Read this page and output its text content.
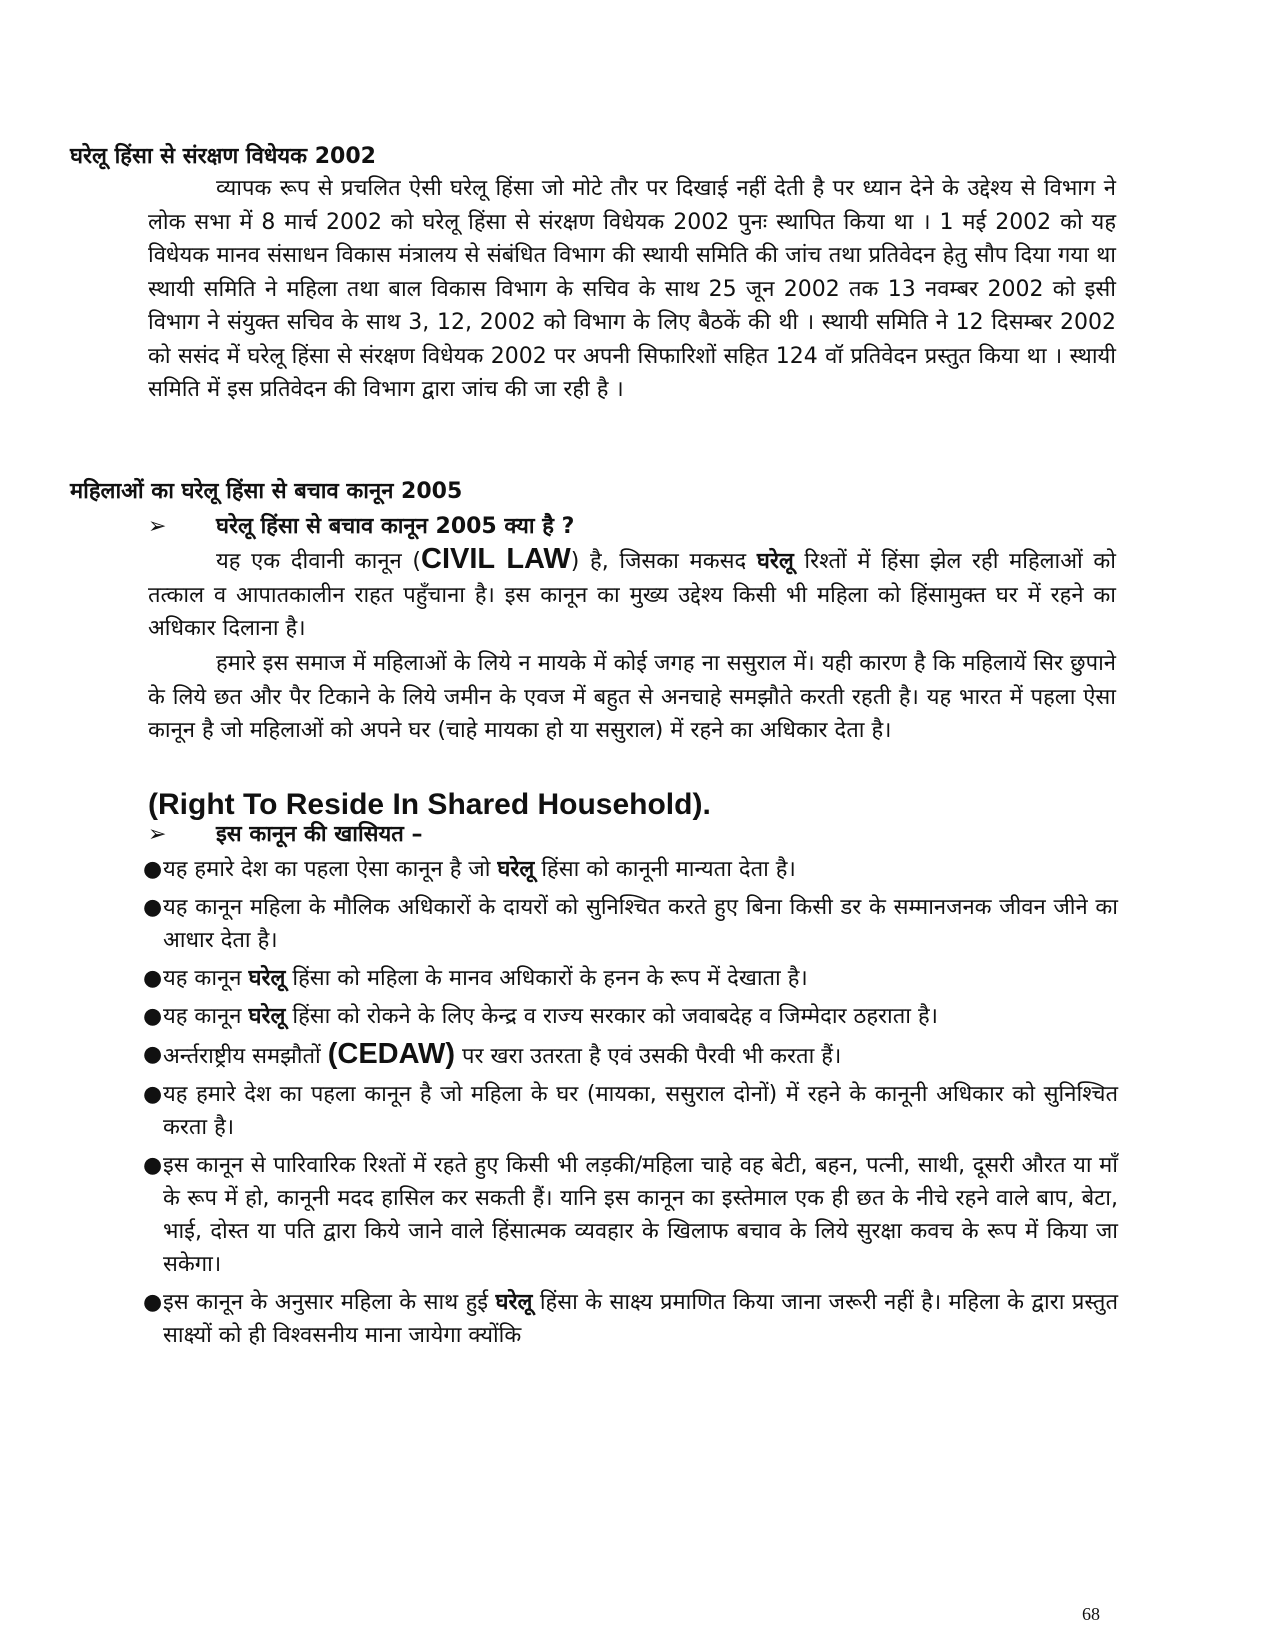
घरेलू हिंसा से संरक्षण विधेयक 2002

व्यापक रूप से प्रचलित ऐसी घरेलू हिंसा जो मोटे तौर पर दिखाई नहीं देती है पर ध्यान देने के उद्देश्य से विभाग ने लोक सभा में 8 मार्च 2002 को घरेलू हिंसा से संरक्षण विधेयक 2002 पुनः स्थापित किया था । 1 मई 2002 को यह विधेयक मानव संसाधन विकास मंत्रालय से संबंधित विभाग की स्थायी समिति की जांच तथा प्रतिवेदन हेतु सौप दिया गया था स्थायी समिति ने महिला तथा बाल विकास विभाग के सचिव के साथ 25 जून 2002 तक 13 नवम्बर 2002 को इसी विभाग ने संयुक्त सचिव के साथ 3, 12, 2002 को विभाग के लिए बैठकें की थी । स्थायी समिति ने 12 दिसम्बर 2002 को ससंद में घरेलू हिंसा से संरक्षण विधेयक 2002 पर अपनी सिफारिशों सहित 124 वॉ प्रतिवेदन प्रस्तुत किया था । स्थायी समिति में इस प्रतिवेदन की विभाग द्वारा जांच की जा रही है ।

महिलाओं का घरेलू हिंसा से बचाव कानून 2005
➢ घरेलू हिंसा से बचाव कानून 2005 क्या है ?

यह एक दीवानी कानून (CIVIL LAW) है, जिसका मकसद घरेलू रिश्तों में हिंसा झेल रही महिलाओं को तत्काल व आपातकालीन राहत पहुँचाना है। इस कानून का मुख्य उद्देश्य किसी भी महिला को हिंसामुक्त घर में रहने का अधिकार दिलाना है।

हमारे इस समाज में महिलाओं के लिये न मायके में कोई जगह ना ससुराल में। यही कारण है कि महिलायें सिर छुपाने के लिये छत और पैर टिकाने के लिये जमीन के एवज में बहुत से अनचाहे समझौते करती रहती है। यह भारत में पहला ऐसा कानून है जो महिलाओं को अपने घर (चाहे मायका हो या ससुराल) में रहने का अधिकार देता है।

(Right To Reside In Shared Household).
➢ इस कानून की खासियत –
● यह हमारे देश का पहला ऐसा कानून है जो घरेलू हिंसा को कानूनी मान्यता देता है।
● यह कानून महिला के मौलिक अधिकारों के दायरों को सुनिश्चित करते हुए बिना किसी डर के सम्मानजनक जीवन जीने का आधार देता है।
● यह कानून घरेलू हिंसा को महिला के मानव अधिकारों के हनन के रूप में देखाता है।
● यह कानून घरेलू हिंसा को रोकने के लिए केन्द्र व राज्य सरकार को जवाबदेह व जिम्मेदार ठहराता है।
● अर्न्तराष्ट्रीय समझौतों (CEDAW) पर खरा उतरता है एवं उसकी पैरवी भी करता हैं।
● यह हमारे देश का पहला कानून है जो महिला के घर (मायका, ससुराल दोनों) में रहने के कानूनी अधिकार को सुनिश्चित करता है।
● इस कानून से पारिवारिक रिश्तों में रहते हुए किसी भी लड़की/महिला चाहे वह बेटी, बहन, पत्नी, साथी, दूसरी औरत या माँ के रूप में हो, कानूनी मदद हासिल कर सकती हैं। यानि इस कानून का इस्तेमाल एक ही छत के नीचे रहने वाले बाप, बेटा, भाई, दोस्त या पति द्वारा किये जाने वाले हिंसात्मक व्यवहार के खिलाफ बचाव के लिये सुरक्षा कवच के रूप में किया जा सकेगा।
● इस कानून के अनुसार महिला के साथ हुई घरेलू हिंसा के साक्ष्य प्रमाणित किया जाना जरूरी नहीं है। महिला के द्वारा प्रस्तुत साक्ष्यों को ही विश्वसनीय माना जायेगा क्योंकि
68
